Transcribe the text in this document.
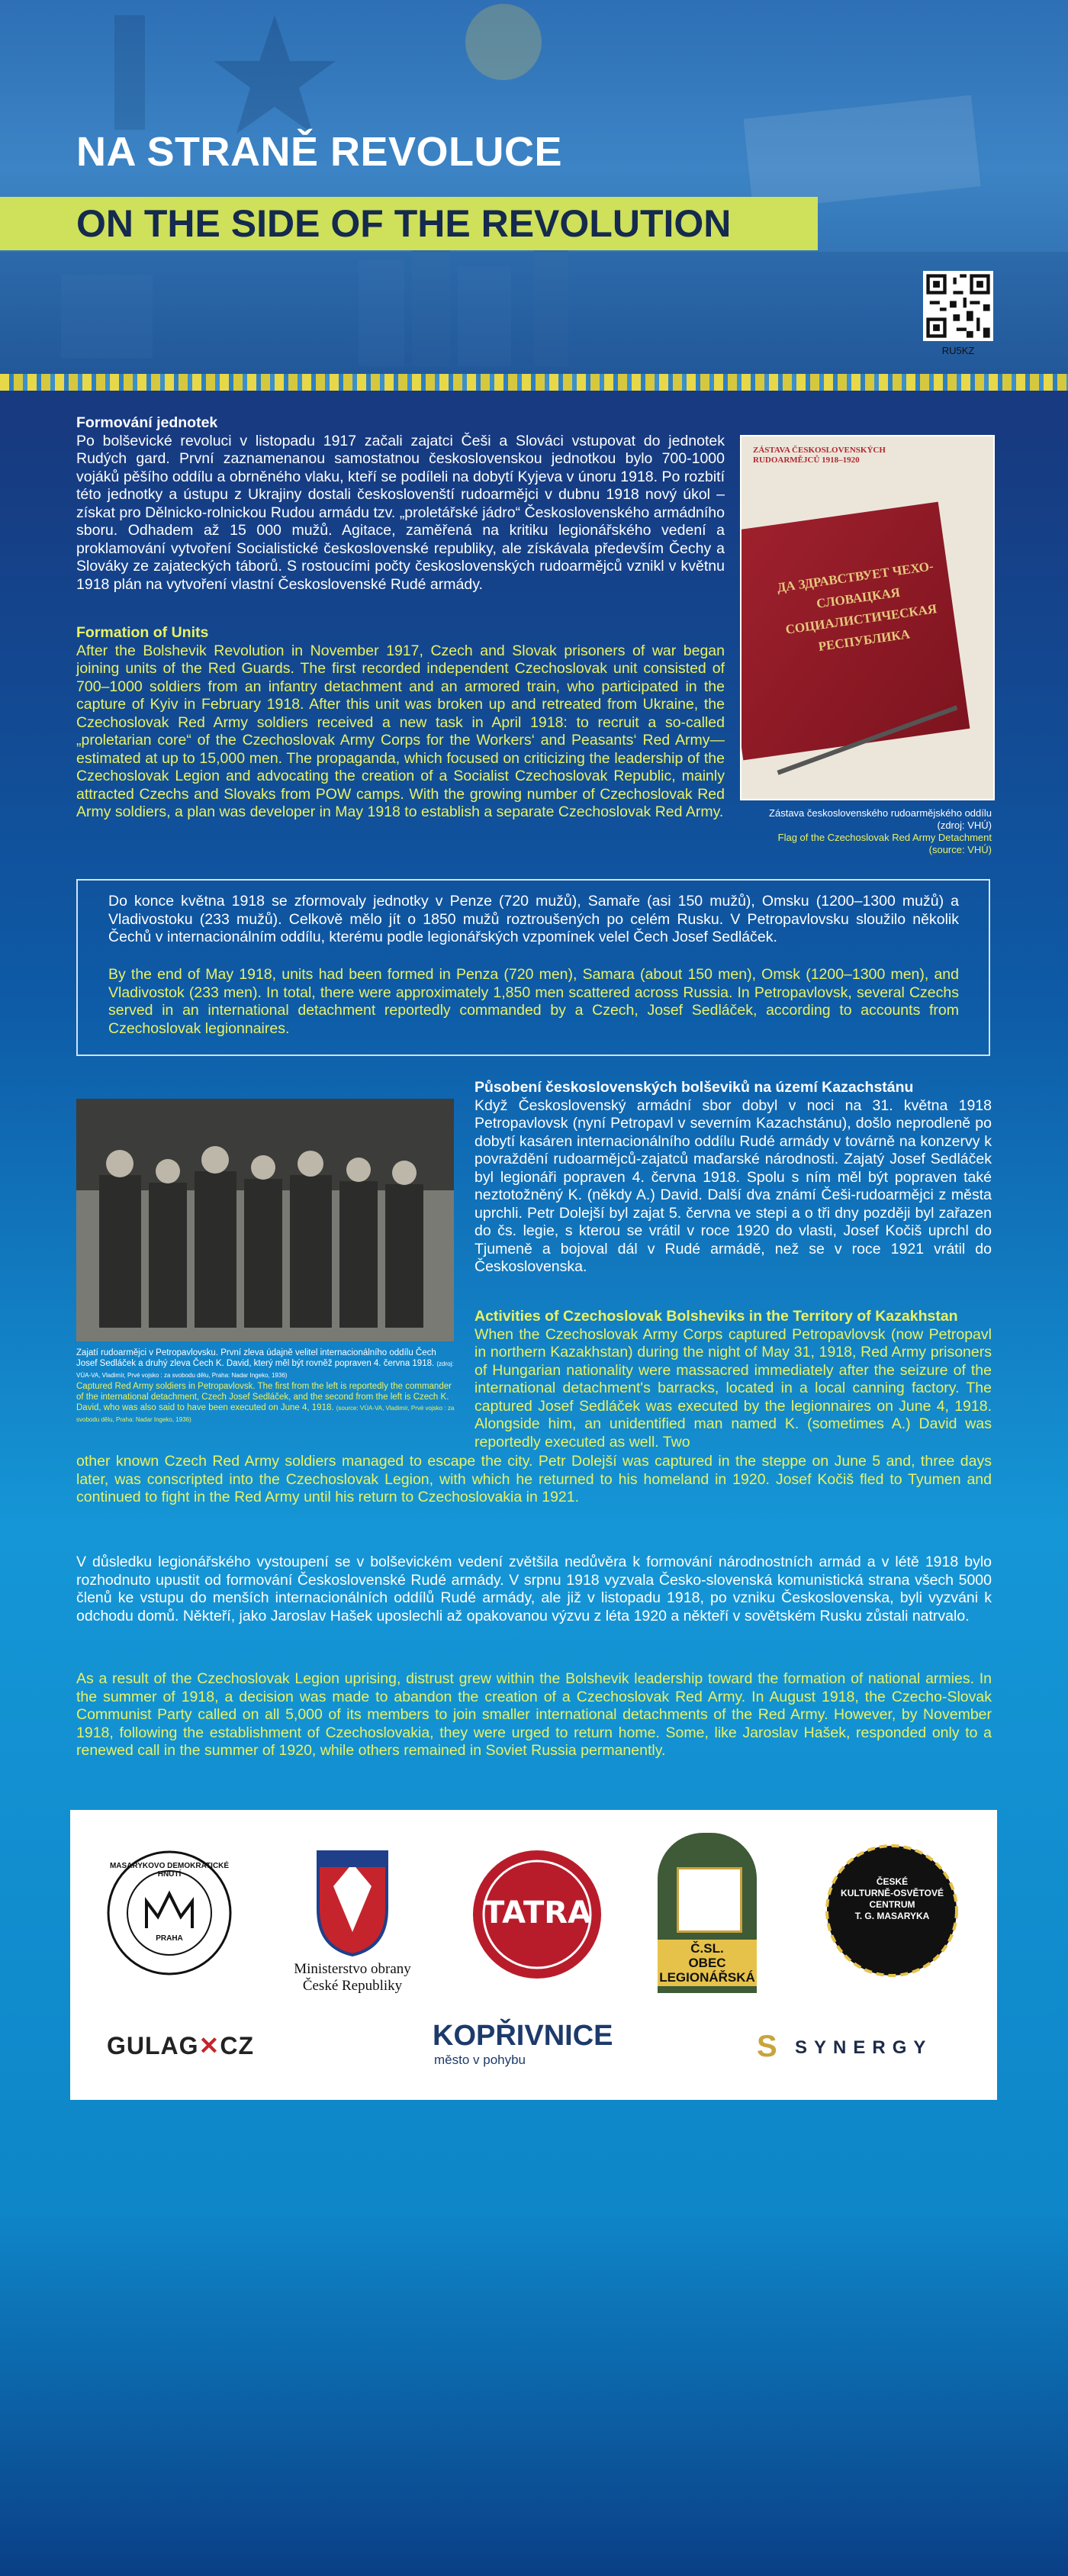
NA STRANĚ REVOLUCE
ON THE SIDE OF THE REVOLUTION
RU5KZ
Formování jednotek
Po bolševické revoluci v listopadu 1917 začali zajatci Češi a Slováci vstupovat do jednotek Rudých gard. První zaznamenanou samostatnou československou jednotkou bylo 700-1000 vojáků pěšího oddílu a obrněného vlaku, kteří se podíleli na dobytí Kyjeva v únoru 1918. Po rozbití této jednotky a ústupu z Ukrajiny dostali českoslovenští rudoarmějci v dubnu 1918 nový úkol – získat pro Dělnicko-rolnickou Rudou armádu tzv. „proletářské jádro“ Československého armádního sboru. Odhadem až 15 000 mužů. Agitace, zaměřená na kritiku legionářského vedení a proklamování vytvoření Socialistické československé republiky, ale získávala především Čechy a Slováky ze zajateckých táborů. S rostoucími počty československých rudoarmějců vznikl v květnu 1918 plán na vytvoření vlastní Československé Rudé armády.
Formation of Units
After the Bolshevik Revolution in November 1917, Czech and Slovak prisoners of war began joining units of the Red Guards. The first recorded independent Czechoslovak unit consisted of 700–1000 soldiers from an infantry detachment and an armored train, who participated in the capture of Kyiv in February 1918. After this unit was broken up and retreated from Ukraine, the Czechoslovak Red Army soldiers received a new task in April 1918: to recruit a so-called „proletarian core“ of the Czechoslovak Army Corps for the Workers‘ and Peasants‘ Red Army—estimated at up to 15,000 men. The propaganda, which focused on criticizing the leadership of the Czechoslovak Legion and advocating the creation of a Socialist Czechoslovak Republic, mainly attracted Czechs and Slovaks from POW camps. With the growing number of Czechoslovak Red Army soldiers, a plan was developer in May 1918 to establish a separate Czechoslovak Red Army.
ZÁSTAVA ČESKOSLOVENSKÝCH RUDOARMĚJCŮ 1918–1920
ДА ЗДРАВСТВУЕТ ЧЕХО-СЛОВАЦКАЯ СОЦИАЛИСТИЧЕСКАЯ РЕСПУБЛИКА
Zástava československého rudoarmějského oddílu
(zdroj: VHÚ)
Flag of the Czechoslovak Red Army Detachment
(source: VHÚ)
Do konce května 1918 se zformovaly jednotky v Penze (720 mužů), Samaře (asi 150 mužů), Omsku (1200–1300 mužů) a Vladivostoku (233 mužů). Celkově mělo jít o 1850 mužů roztroušených po celém Rusku. V Petropavlovsku sloužilo několik Čechů v internacionálním oddílu, kterému podle legionářských vzpomínek velel Čech Josef Sedláček.
By the end of May 1918, units had been formed in Penza (720 men), Samara (about 150 men), Omsk (1200–1300 men), and Vladivostok (233 men). In total, there were approximately 1,850 men scattered across Russia. In Petropavlovsk, several Czechs served in an international detachment reportedly commanded by a Czech, Josef Sedláček, according to accounts from Czechoslovak legionnaires.
Zajatí rudoarmějci v Petropavlovsku. První zleva údajně velitel internacionálního oddílu Čech Josef Sedláček a druhý zleva Čech K. David, který měl být rovněž popraven 4. června 1918. (zdroj: VÚA-VA, Vladimír, Prvé vojsko : za svobodu dělu, Praha: Nadar Ingeko, 1936)
Captured Red Army soldiers in Petropavlovsk. The first from the left is reportedly the commander of the international detachment, Czech Josef Sedláček, and the second from the left is Czech K. David, who was also said to have been executed on June 4, 1918. (source: VÚA-VA, Vladimír, Prvé vojsko : za svobodu dělu, Praha: Nadar Ingeko, 1936)
Působení československých bolševiků na území Kazachstánu
Když Československý armádní sbor dobyl v noci na 31. května 1918 Petropavlovsk (nyní Petropavl v severním Kazachstánu), došlo neprodleně po dobytí kasáren internacionálního oddílu Rudé armády v továrně na konzervy k povraždění rudoarmějců-zajatců maďarské národnosti. Zajatý Josef Sedláček byl legionáři popraven 4. června 1918. Spolu s ním měl být popraven také neztotožněný K. (někdy A.) David. Další dva známí Češi-rudoarmějci z města uprchli. Petr Dolejší byl zajat 5. června ve stepi a o tři dny později byl zařazen do čs. legie, s kterou se vrátil v roce 1920 do vlasti, Josef Kočiš uprchl do Tjumeně a bojoval dál v Rudé armádě, než se v roce 1921 vrátil do Československa.
Activities of Czechoslovak Bolsheviks in the Territory of Kazakhstan
When the Czechoslovak Army Corps captured Petropavlovsk (now Petropavl in northern Kazakhstan) during the night of May 31, 1918, Red Army prisoners of Hungarian nationality were massacred immediately after the seizure of the international detachment's barracks, located in a local canning factory. The captured Josef Sedláček was executed by the legionnaires on June 4, 1918. Alongside him, an unidentified man named K. (sometimes A.) David was reportedly executed as well. Two
other known Czech Red Army soldiers managed to escape the city. Petr Dolejší was captured in the steppe on June 5 and, three days later, was conscripted into the Czechoslovak Legion, with which he returned to his homeland in 1920. Josef Kočiš fled to Tyumen and continued to fight in the Red Army until his return to Czechoslovakia in 1921.
V důsledku legionářského vystoupení se v bolševickém vedení zvětšila nedůvěra k formování národnostních armád a v létě 1918 bylo rozhodnuto upustit od formování Československé Rudé armády. V srpnu 1918 vyzvala Česko-slovenská komunistická strana všech 5000 členů ke vstupu do menších internacionálních oddílů Rudé armády, ale již v listopadu 1918, po vzniku Československa, byli vyzváni k odchodu domů. Někteří, jako Jaroslav Hašek uposlechli až opakovanou výzvu z léta 1920 a někteří v sovětském Rusku zůstali natrvalo.
As a result of the Czechoslovak Legion uprising, distrust grew within the Bolshevik leadership toward the formation of national armies. In the summer of 1918, a decision was made to abandon the creation of a Czechoslovak Red Army. In August 1918, the Czecho-Slovak Communist Party called on all 5,000 of its members to join smaller international detachments of the Red Army. However, by November 1918, following the establishment of Czechoslovakia, they were urged to return home. Some, like Jaroslav Hašek, responded only to a renewed call in the summer of 1920, while others remained in Soviet Russia permanently.
MASARYKOVO DEMOKRATICKÉ HNUTÍ
PRAHA
Ministerstvo obrany
České Republiky
TATRA
Č.SL.
OBEC
LEGIONÁŘSKÁ
ČESKÉ
KULTURNĚ-OSVĚTOVÉ
CENTRUM
T. G. MASARYKA
GULAG✕CZ	KOPŘIVNICE
město v pohybu	S SYNERGY
